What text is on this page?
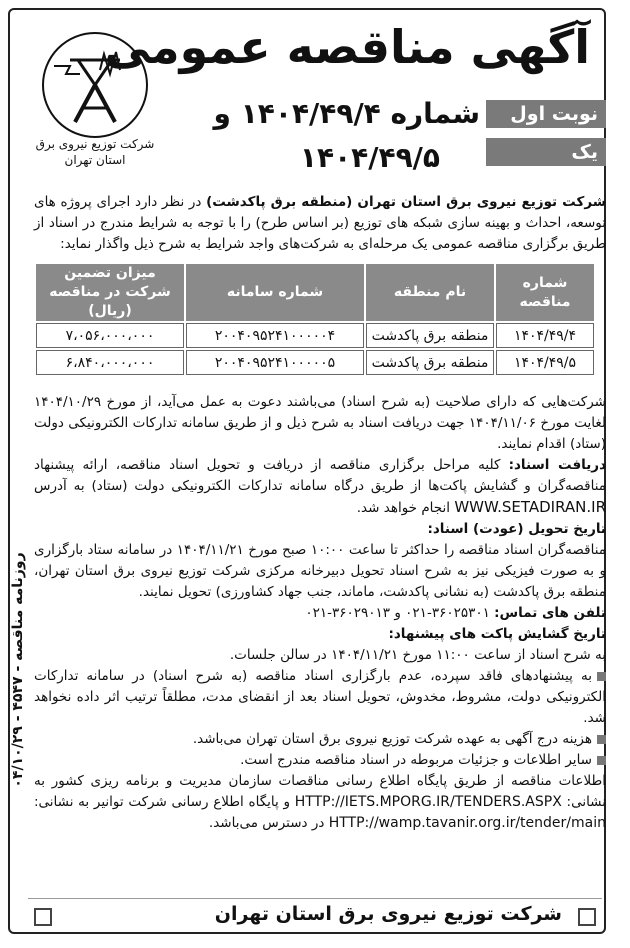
آگهی مناقصه عمومی
نوبت اول
یک مرحله‌ای
شماره ۱۴۰۴/۴۹/۴ و
۱۴۰۴/۴۹/۵
شرکت توزیع نیروی برق
استان تهران
شرکت توزیع نیروی برق استان تهران (منطقه برق پاکدشت) در نظر دارد اجرای پروژه های توسعه، احداث و بهینه سازی شبکه های توزیع (بر اساس طرح) را با توجه به شرایط مندرج در اسناد از طریق برگزاری مناقصه عمومی یک مرحله‌ای به شرکت‌های واجد شرایط به شرح ذیل واگذار نماید:
شماره مناقصه	نام منطقه	شماره سامانه	میزان تضمین شرکت در مناقصه (ریال)
۱۴۰۴/۴۹/۴	منطقه برق پاکدشت	۲۰۰۴۰۹۵۲۴۱۰۰۰۰۰۴	۷،۰۵۶،۰۰۰،۰۰۰
۱۴۰۴/۴۹/۵	منطقه برق پاکدشت	۲۰۰۴۰۹۵۲۴۱۰۰۰۰۰۵	۶،۸۴۰،۰۰۰،۰۰۰
شرکت‌هایی که دارای صلاحیت (به شرح اسناد) می‌باشند دعوت به عمل می‌آید، از مورخ ۱۴۰۴/۱۰/۲۹ لغایت مورخ ۱۴۰۴/۱۱/۰۶ جهت دریافت اسناد به شرح ذیل و از طریق سامانه تدارکات الکترونیکی دولت (ستاد) اقدام نمایند.
دریافت اسناد: کلیه مراحل برگزاری مناقصه از دریافت و تحویل اسناد مناقصه، ارائه پیشنهاد مناقصه‌گران و گشایش پاکت‌ها از طریق درگاه سامانه تدارکات الکترونیکی دولت (ستاد) به آدرس WWW.SETADIRAN.IR انجام خواهد شد.
تاریخ تحویل (عودت) اسناد:
مناقصه‌گران اسناد مناقصه را حداکثر تا ساعت ۱۰:۰۰ صبح مورخ ۱۴۰۴/۱۱/۲۱ در سامانه ستاد بارگزاری و به صورت فیزیکی نیز به شرح اسناد تحویل دبیرخانه مرکزی شرکت توزیع نیروی برق استان تهران، منطقه برق پاکدشت (به نشانی پاکدشت، ماماند، جنب جهاد کشاورزی) تحویل نمایند.
تلفن های تماس: ۳۶۰۲۵۳۰۱-۰۲۱ و ۳۶۰۲۹۰۱۳-۰۲۱
تاریخ گشایش پاکت های پیشنهاد:
به شرح اسناد از ساعت ۱۱:۰۰ مورخ ۱۴۰۴/۱۱/۲۱ در سالن جلسات.
به پیشنهادهای فاقد سپرده، عدم بارگزاری اسناد مناقصه (به شرح اسناد) در سامانه تدارکات الکترونیکی دولت، مشروط، مخدوش، تحویل اسناد بعد از انقضای مدت، مطلقاً ترتیب اثر داده نخواهد شد.
هزینه درج آگهی به عهده شرکت توزیع نیروی برق استان تهران می‌باشد.
سایر اطلاعات و جزئیات مربوطه در اسناد مناقصه مندرج است.
اطلاعات مناقصه از طریق پایگاه اطلاع رسانی مناقصات سازمان مدیریت و برنامه ریزی کشور به نشانی: HTTP://IETS.MPORG.IR/TENDERS.ASPX و پایگاه اطلاع رسانی شرکت توانیر به نشانی: HTTP://wamp.tavanir.org.ir/tender/main در دسترس می‌باشد.
روزنامه مناقصه - ۴۵۴۷ - ۰۴/۱۰/۲۹
شرکت توزیع نیروی برق استان تهران
